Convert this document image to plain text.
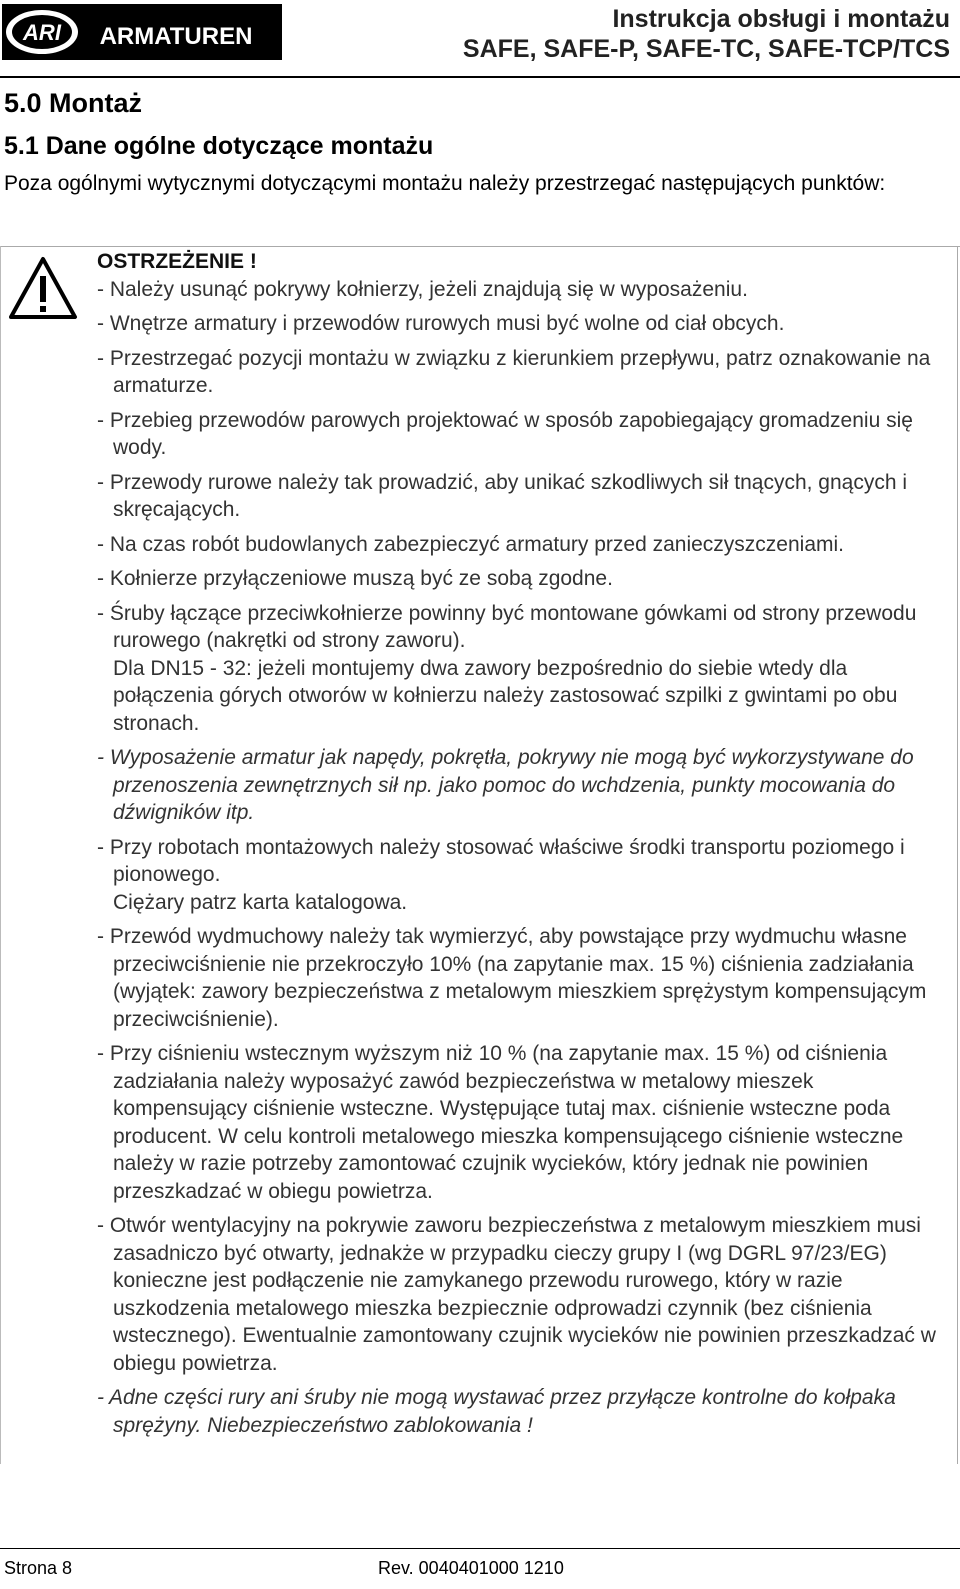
ARI ARMATUREN
Instrukcja obsługi i montażu
SAFE, SAFE-P, SAFE-TC, SAFE-TCP/TCS
5.0 Montaż
5.1 Dane ogólne dotyczące montażu
Poza ogólnymi wytycznymi dotyczącymi montażu należy przestrzegać następujących punktów:
OSTRZEŻENIE !

- Należy usunąć pokrywy kołnierzy, jeżeli znajdują się w wyposażeniu.

- Wnętrze armatury i przewodów rurowych musi być wolne od ciał obcych.

- Przestrzegać pozycji montażu w związku z kierunkiem przepływu, patrz oznakowanie na armaturze.

- Przebieg przewodów parowych projektować w sposób zapobiegający gromadzeniu się wody.

- Przewody rurowe należy tak prowadzić, aby unikać szkodliwych sił tnących, gnących i skręcających.

- Na czas robót budowlanych zabezpieczyć armatury przed zanieczyszczeniami.

- Kołnierze przyłączeniowe muszą być ze sobą zgodne.

- Śruby łączące przeciwkołnierze powinny być montowane gówkami od strony przewodu rurowego (nakrętki od strony zaworu).

Dla DN15 - 32: jeżeli montujemy dwa zawory bezpośrednio do siebie wtedy dla połączenia górych otworów w kołnierzu należy zastosować szpilki z gwintami po obu stronach.

- Wyposażenie armatur jak napędy, pokrętła, pokrywy nie mogą być wykorzystywane do przenoszenia zewnętrznych sił np. jako pomoc do wchdzenia, punkty mocowania do dźwigników itp.

- Przy robotach montażowych należy stosować właściwe środki transportu poziomego i pionowego.

Ciężary patrz karta katalogowa.

- Przewód wydmuchowy należy tak wymierzyć, aby powstające przy wydmuchu własne przeciwciśnienie nie przekroczyło 10% (na zapytanie max. 15 %) ciśnienia zadziałania (wyjątek: zawory bezpieczeństwa z metalowym mieszkiem sprężystym kompensującym przeciwciśnienie).

- Przy ciśnieniu wstecznym wyższym niż 10 % (na zapytanie max. 15 %) od ciśnienia zadziałania należy wyposażyć zawód bezpieczeństwa w metalowy mieszek kompensujący ciśnienie wsteczne. Występujące tutaj max. ciśnienie wsteczne poda producent. W celu kontroli metalowego mieszka kompensującego ciśnienie wsteczne należy w razie potrzeby zamontować czujnik wycieków, który jednak nie powinien przeszkadzać w obiegu powietrza.

- Otwór wentylacyjny na pokrywie zaworu bezpieczeństwa z metalowym mieszkiem musi zasadniczo być otwarty, jednakże w przypadku cieczy grupy I (wg DGRL 97/23/EG) konieczne jest podłączenie nie zamykanego przewodu rurowego, który w razie uszkodzenia metalowego mieszka bezpiecznie odprowadzi czynnik (bez ciśnienia wstecznego). Ewentualnie zamontowany czujnik wycieków nie powinien przeszkadzać w obiegu powietrza.

- Adne części rury ani śruby nie mogą wystawać przez przyłącze kontrolne do kołpaka sprężyny. Niebezpieczeństwo zablokowania !

Strona 8	Rev. 0040401000 1210
